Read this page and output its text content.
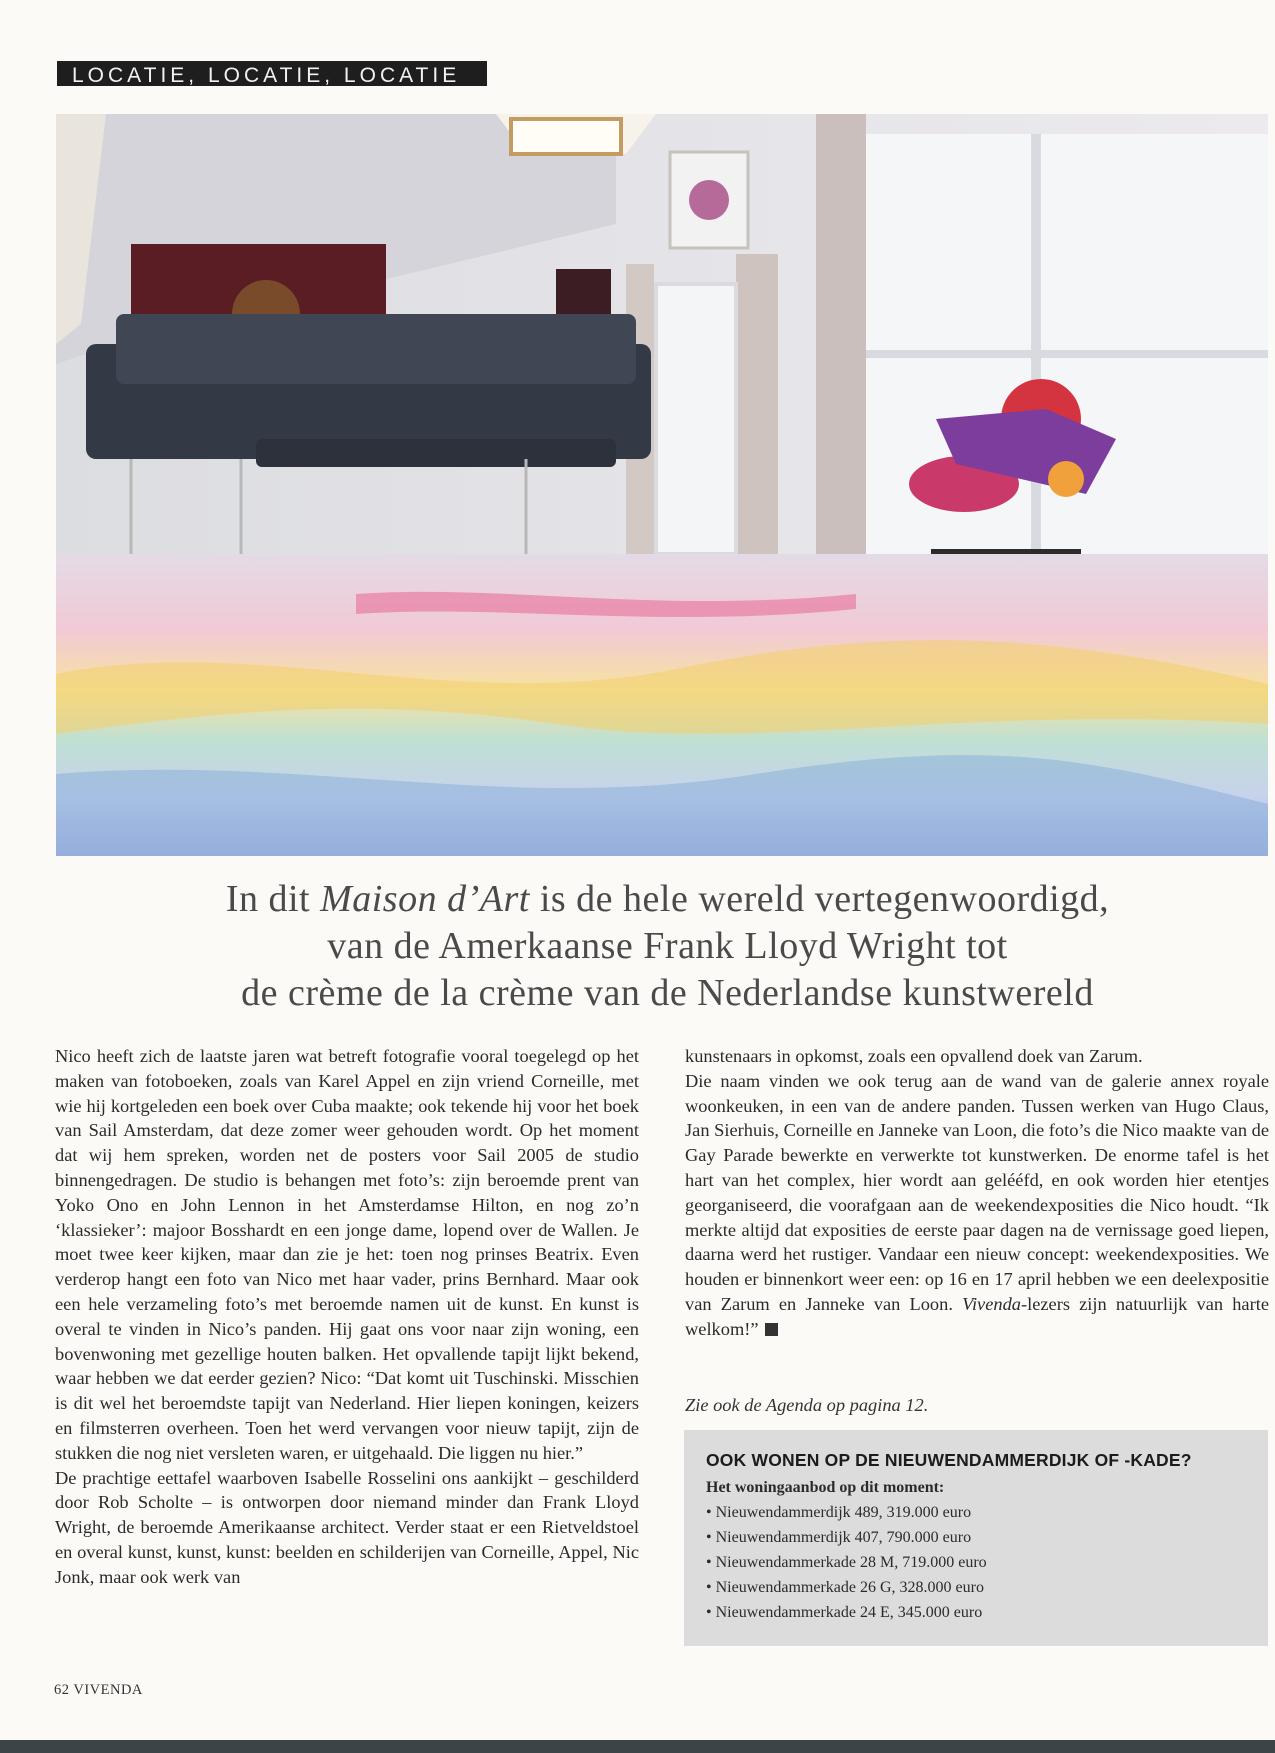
LOCATIE, LOCATIE, LOCATIE
In dit Maison d’Art is de hele wereld vertegenwoordigd,
van de Amerkaanse Frank Lloyd Wright tot
de crème de la crème van de Nederlandse kunstwereld

Nico heeft zich de laatste jaren wat betreft fotografie vooral toegelegd op het maken van fotoboeken, zoals van Karel Appel en zijn vriend Corneille, met wie hij kortgeleden een boek over Cuba maakte; ook tekende hij voor het boek van Sail Amsterdam, dat deze zomer weer gehouden wordt. Op het moment dat wij hem spreken, worden net de posters voor Sail 2005 de studio binnengedragen. De studio is behangen met foto’s: zijn beroemde prent van Yoko Ono en John Lennon in het Amsterdamse Hilton, en nog zo’n ‘klassieker’: majoor Bosshardt en een jonge dame, lopend over de Wallen. Je moet twee keer kijken, maar dan zie je het: toen nog prinses Beatrix. Even verderop hangt een foto van Nico met haar vader, prins Bernhard. Maar ook een hele verzameling foto’s met beroemde namen uit de kunst. En kunst is overal te vinden in Nico’s panden. Hij gaat ons voor naar zijn woning, een bovenwoning met gezellige houten balken. Het opvallende tapijt lijkt bekend, waar hebben we dat eerder gezien? Nico: “Dat komt uit Tuschinski. Misschien is dit wel het beroemdste tapijt van Nederland. Hier liepen koningen, keizers en filmsterren overheen. Toen het werd vervangen voor nieuw tapijt, zijn de stukken die nog niet versleten waren, er uitgehaald. Die liggen nu hier.”

De prachtige eettafel waarboven Isabelle Rosselini ons aankijkt – geschilderd door Rob Scholte – is ontworpen door niemand minder dan Frank Lloyd Wright, de beroemde Amerikaanse architect. Verder staat er een Rietveldstoel en overal kunst, kunst, kunst: beelden en schilderijen van Corneille, Appel, Nic Jonk, maar ook werk van

kunstenaars in opkomst, zoals een opvallend doek van Zarum.

Die naam vinden we ook terug aan de wand van de galerie annex royale woonkeuken, in een van de andere panden. Tussen werken van Hugo Claus, Jan Sierhuis, Corneille en Janneke van Loon, die foto’s die Nico maakte van de Gay Parade bewerkte en verwerkte tot kunstwerken. De enorme tafel is het hart van het complex, hier wordt aan gelééfd, en ook worden hier etentjes georganiseerd, die voorafgaan aan de weekendexposities die Nico houdt. “Ik merkte altijd dat exposities de eerste paar dagen na de vernissage goed liepen, daarna werd het rustiger. Vandaar een nieuw concept: weekendexposities. We houden er binnenkort weer een: op 16 en 17 april hebben we een deelexpositie van Zarum en Janneke van Loon. Vivenda-lezers zijn natuurlijk van harte welkom!”

Zie ook de Agenda op pagina 12.
OOK WONEN OP DE NIEUWENDAMMERDIJK OF -KADE?
Het woningaanbod op dit moment:
• Nieuwendammerdijk 489, 319.000 euro
• Nieuwendammerdijk 407, 790.000 euro
• Nieuwendammerkade 28 M, 719.000 euro
• Nieuwendammerkade 26 G, 328.000 euro
• Nieuwendammerkade 24 E, 345.000 euro
62 VIVENDA
